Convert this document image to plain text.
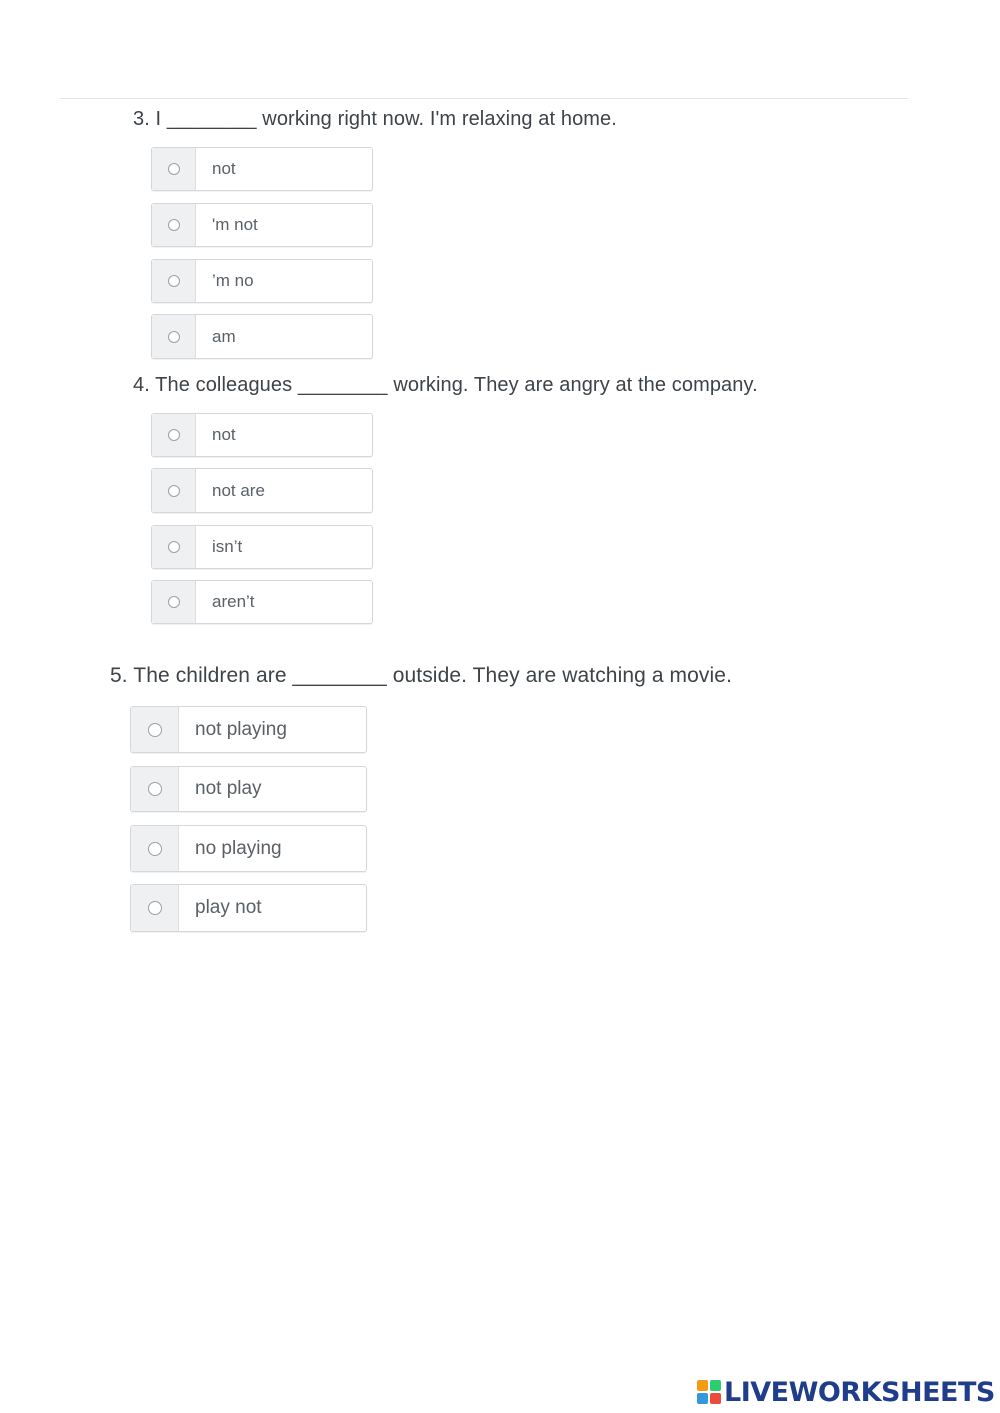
3. I ________ working right now. I'm relaxing at home.
not
'm not
’m no
am
4. The colleagues ________ working. They are angry at the company.
not
not are
isn’t
aren’t
5. The children are ________ outside. They are watching a movie.
not playing
not play
no playing
play not
LIVEWORKSHEETS
